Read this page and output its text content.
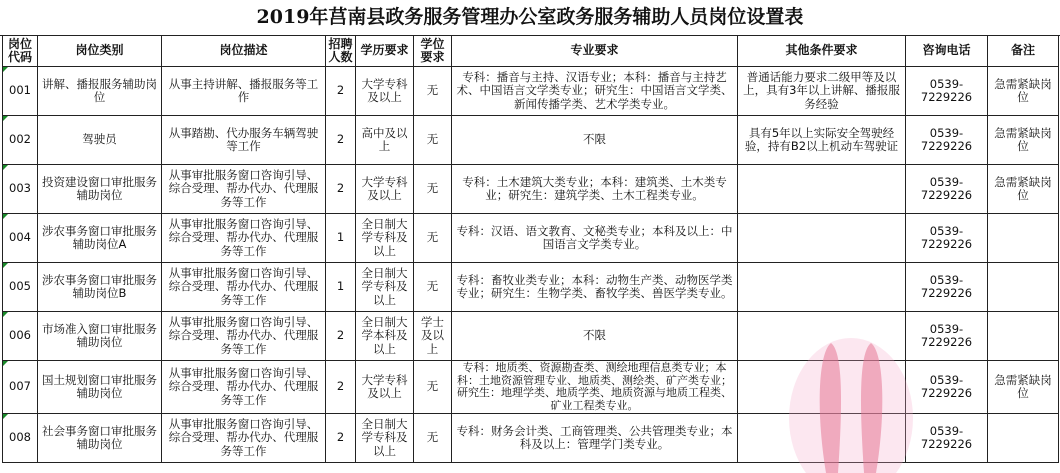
2019年莒南县政务服务管理办公室政务服务辅助人员岗位设置表
岗位代码	岗位类别	岗位描述	招聘人数	学历要求	学位要求	专业要求	其他条件要求	咨询电话	备注
001	讲解、播报服务辅助岗位	从事主持讲解、播报服务等工作	2	大学专科及以上	无	专科：播音与主持、汉语专业；本科：播音与主持艺术、中国语言文学类专业；研究生：中国语言文学类、新闻传播学类、艺术学类专业。	普通话能力要求二级甲等及以上，具有3年以上讲解、播报服务经验	0539-7229226	急需紧缺岗位
002	驾驶员	从事踏勘、代办服务车辆驾驶等工作	2	高中及以上	无	不限	具有5年以上实际安全驾驶经验，持有B2以上机动车驾驶证	0539-7229226	急需紧缺岗位
003	投资建设窗口审批服务辅助岗位	从事审批服务窗口咨询引导、综合受理、帮办代办、代理服务等工作	2	大学专科及以上	无	专科：土木建筑大类专业；本科：建筑类、土木类专业；研究生：建筑学类、土木工程类专业。		0539-7229226	急需紧缺岗位
004	涉农事务窗口审批服务辅助岗位A	从事审批服务窗口咨询引导、综合受理、帮办代办、代理服务等工作	1	全日制大学专科及以上	无	专科：汉语、语文教育、文秘类专业；本科及以上：中国语言文学类专业。		0539-7229226	
005	涉农事务窗口审批服务辅助岗位B	从事审批服务窗口咨询引导、综合受理、帮办代办、代理服务等工作	1	全日制大学专科及以上	无	专科：畜牧业类专业；本科：动物生产类、动物医学类专业；研究生：生物学类、畜牧学类、兽医学类专业。		0539-7229226	
006	市场准入窗口审批服务辅助岗位	从事审批服务窗口咨询引导、综合受理、帮办代办、代理服务等工作	2	全日制大学本科及以上	学士及以上	不限		0539-7229226	
007	国土规划窗口审批服务辅助岗位	从事审批服务窗口咨询引导、综合受理、帮办代办、代理服务等工作	2	大学专科及以上	无	专科：地质类、资源勘查类、测绘地理信息类专业；本科：土地资源管理专业、地质类、测绘类、矿产类专业；研究生：地理学类、地质学类、地质资源与地质工程类、矿业工程类专业。		0539-7229226	急需紧缺岗位
008	社会事务窗口审批服务辅助岗位	从事审批服务窗口咨询引导、综合受理、帮办代办、代理服务等工作	2	全日制大学专科及以上	无	专科：财务会计类、工商管理类、公共管理类专业；本科及以上：管理学门类专业。		0539-7229226	
